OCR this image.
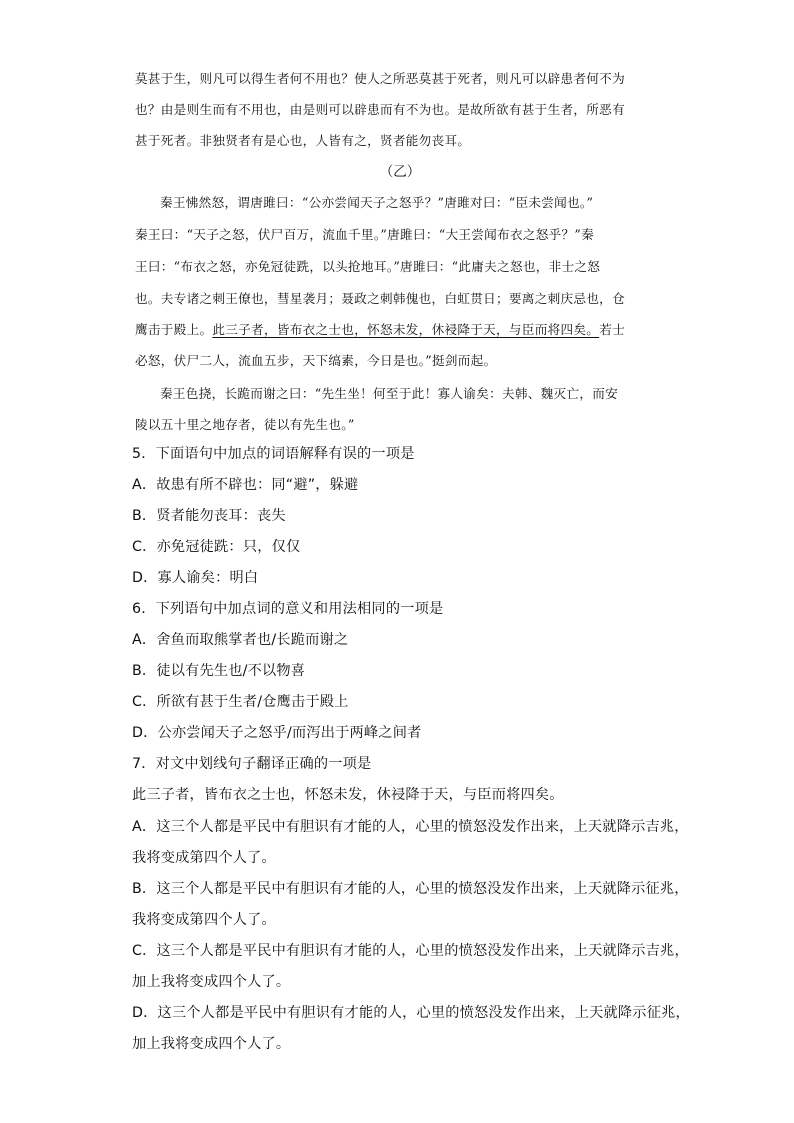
莫甚于生，则凡可以得生者何不用也？使人之所恶莫甚于死者，则凡可以辟患者何不为
也？由是则生而有不用也，由是则可以辟患而有不为也。是故所欲有甚于生者，所恶有
甚于死者。非独贤者有是心也，人皆有之，贤者能勿丧耳。
（乙）
秦王怫然怒，谓唐雎曰：“公亦尝闻天子之怒乎？”唐雎对曰：“臣未尝闻也。”
秦王曰：“天子之怒，伏尸百万，流血千里。”唐雎曰：“大王尝闻布衣之怒乎？”秦
王曰：“布衣之怒，亦免冠徒跣，以头抢地耳。”唐雎曰：“此庸夫之怒也，非士之怒
也。夫专诸之刺王僚也，彗星袭月；聂政之刺韩傀也，白虹贯日；要离之刺庆忌也，仓
鹰击于殿上。此三子者，皆布衣之士也，怀怒未发，休祲降于天，与臣而将四矣。若士
必怒，伏尸二人，流血五步，天下缟素，今日是也。”挺剑而起。
秦王色挠，长跪而谢之曰：“先生坐！何至于此！寡人谕矣：夫韩、魏灭亡，而安
陵以五十里之地存者，徒以有先生也。”
5．下面语句中加点的词语解释有误的一项是
A．故患有所不辟也：同“避”，躲避
B．贤者能勿丧耳：丧失
C．亦免冠徒跣：只，仅仅
D．寡人谕矣：明白
6．下列语句中加点词的意义和用法相同的一项是
A．舍鱼而取熊掌者也/长跪而谢之
B．徒以有先生也/不以物喜
C．所欲有甚于生者/仓鹰击于殿上
D．公亦尝闻天子之怒乎/而泻出于两峰之间者
7．对文中划线句子翻译正确的一项是
此三子者，皆布衣之士也，怀怒未发，休祲降于天，与臣而将四矣。
A．这三个人都是平民中有胆识有才能的人，心里的愤怒没发作出来，上天就降示吉兆，
我将变成第四个人了。
B．这三个人都是平民中有胆识有才能的人，心里的愤怒没发作出来，上天就降示征兆，
我将变成第四个人了。
C．这三个人都是平民中有胆识有才能的人，心里的愤怒没发作出来，上天就降示吉兆，
加上我将变成四个人了。
D．这三个人都是平民中有胆识有才能的人，心里的愤怒没发作出来，上天就降示征兆，
加上我将变成四个人了。
